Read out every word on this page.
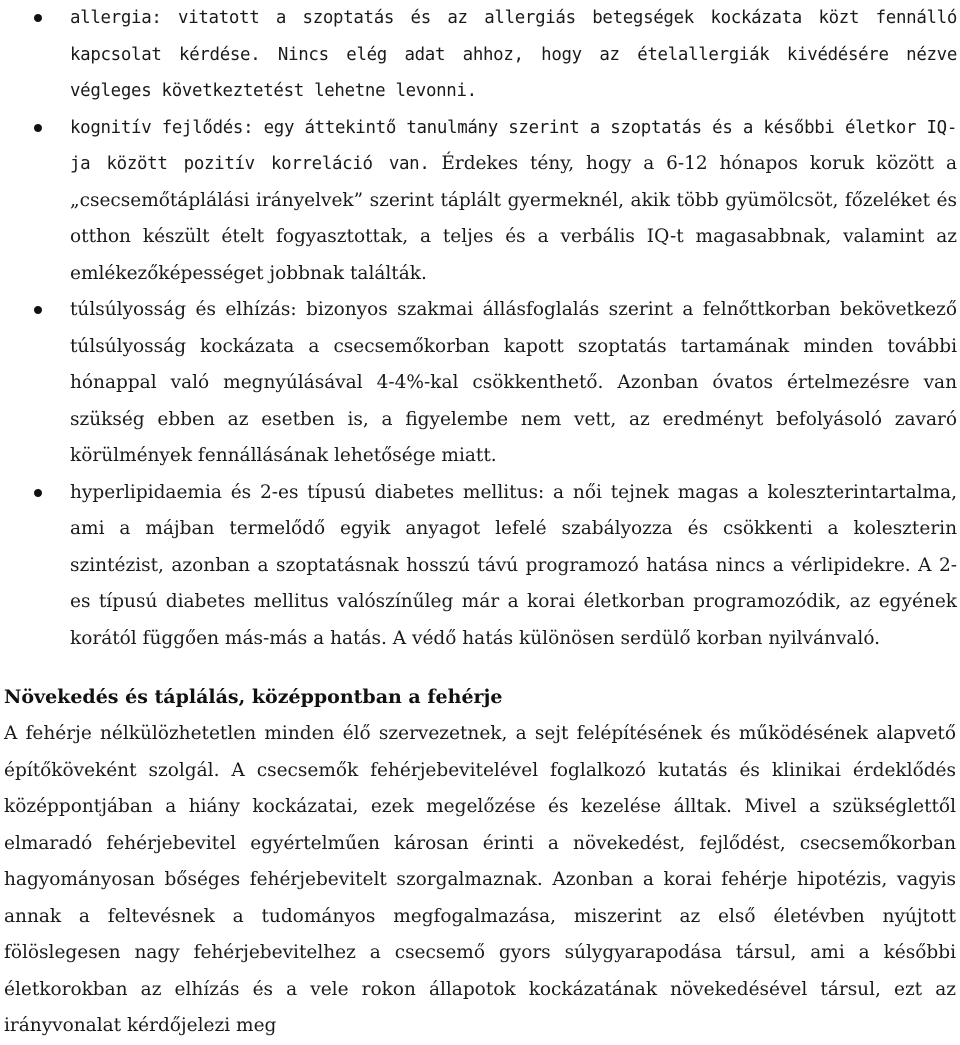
allergia: vitatott a szoptatás és az allergiás betegségek kockázata közt fennálló kapcsolat kérdése. Nincs elég adat ahhoz, hogy az ételallergiák kivédésére nézve végleges következtetést lehetne levonni.
kognitív fejlődés: egy áttekintő tanulmány szerint a szoptatás és a későbbi életkor IQ-ja között pozitív korreláció van. Érdekes tény, hogy a 6-12 hónapos koruk között a „csecsemőtáplálási irányelvek” szerint táplált gyermeknél, akik több gyümölcsöt, főzeléket és otthon készült ételt fogyasztottak, a teljes és a verbális IQ-t magasabbnak, valamint az emlékezőképességet jobbnak találták.
túlsúlyosság és elhízás: bizonyos szakmai állásfoglalás szerint a felnőttkorban bekövetkező túlsúlyosság kockázata a csecsemőkorban kapott szoptatás tartamának minden további hónappal való megnyúlásával 4-4%-kal csökkenthető. Azonban óvatos értelmezésre van szükség ebben az esetben is, a figyelembe nem vett, az eredményt befolyásoló zavaró körülmények fennállásának lehetősége miatt.
hyperlipidaemia és 2-es típusú diabetes mellitus: a női tejnek magas a koleszterintartalma, ami a májban termelődő egyik anyagot lefelé szabályozza és csökkenti a koleszterin szintézist, azonban a szoptatásnak hosszú távú programozó hatása nincs a vérlipidekre. A 2-es típusú diabetes mellitus valószínűleg már a korai életkorban programozódik, az egyének korától függően más-más a hatás. A védő hatás különösen serdülő korban nyilvánvaló.
Növekedés és táplálás, középpontban a fehérje

A fehérje nélkülözhetetlen minden élő szervezetnek, a sejt felépítésének és működésének alapvető építőköveként szolgál. A csecsemők fehérjebevitelével foglalkozó kutatás és klinikai érdeklődés középpontjában a hiány kockázatai, ezek megelőzése és kezelése álltak. Mivel a szükséglettől elmaradó fehérjebevitel egyértelműen károsan érinti a növekedést, fejlődést, csecsemőkorban hagyományosan bőséges fehérjebevitelt szorgalmaznak. Azonban a korai fehérje hipotézis, vagyis annak a feltevésnek a tudományos megfogalmazása, miszerint az első életévben nyújtott fölöslegesen nagy fehérjebevitelhez a csecsemő gyors súlygyarapodása társul, ami a későbbi életkorokban az elhízás és a vele rokon állapotok kockázatának növekedésével társul, ezt az irányvonalat kérdőjelezi meg
